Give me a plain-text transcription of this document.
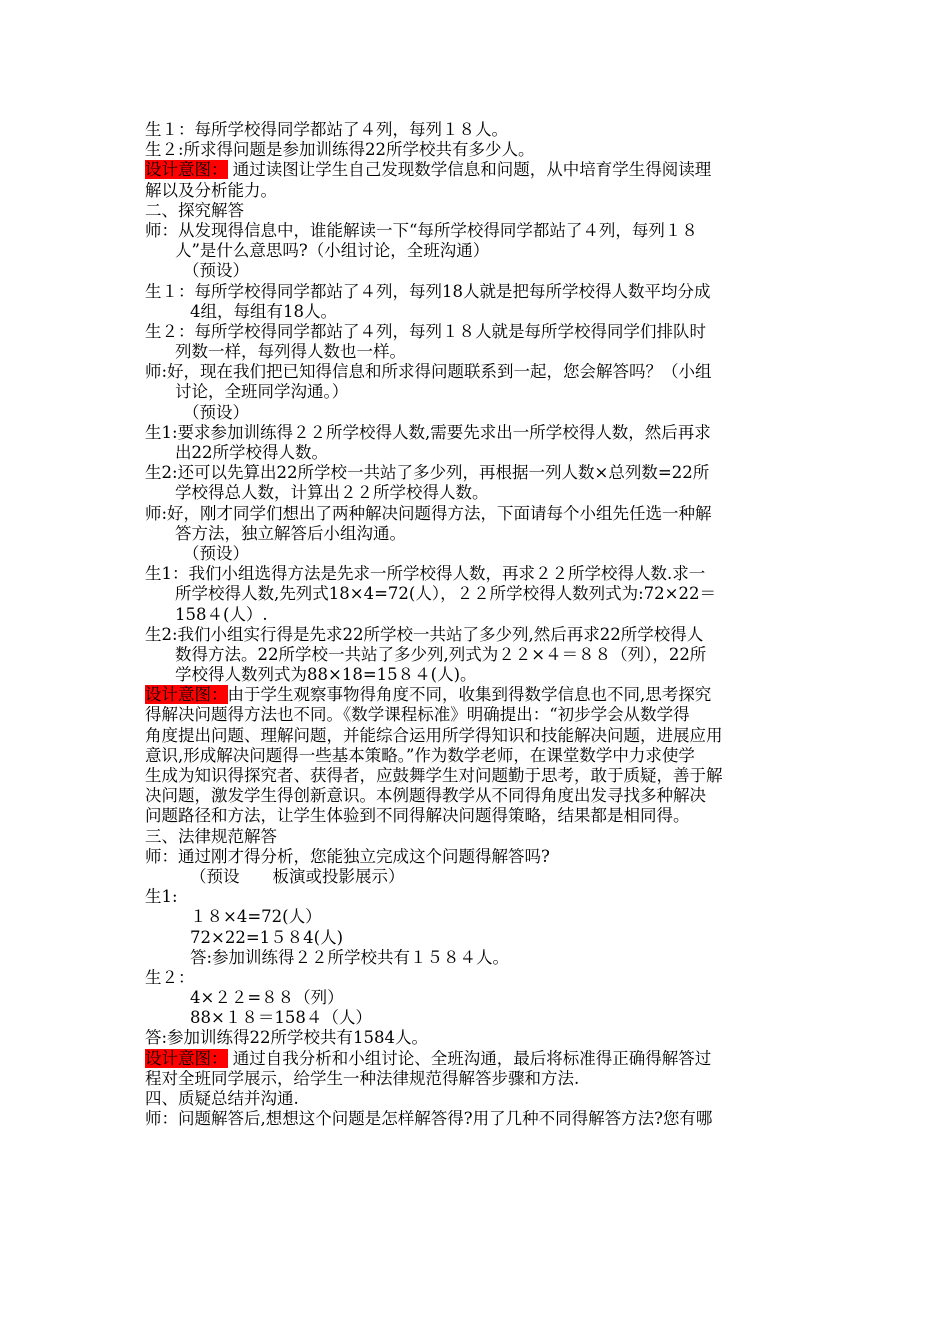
生１：每所学校得同学都站了４列，每列１８人。
生２:所求得问题是参加训练得22所学校共有多少人。
设计意图： 通过读图让学生自己发现数学信息和问题，从中培育学生得阅读理
解以及分析能力。
二、探究解答
师：从发现得信息中，谁能解读一下“每所学校得同学都站了４列，每列１８
人”是什么意思吗?（小组讨论，全班沟通）
（预设）
生１：每所学校得同学都站了４列，每列18人就是把每所学校得人数平均分成
4组，每组有18人。
生２：每所学校得同学都站了４列，每列１８人就是每所学校得同学们排队时
列数一样，每列得人数也一样。
师:好，现在我们把已知得信息和所求得问题联系到一起，您会解答吗？（小组
讨论，全班同学沟通。）
（预设）
生1:要求参加训练得２２所学校得人数,需要先求出一所学校得人数，然后再求
出22所学校得人数。
生2:还可以先算出22所学校一共站了多少列，再根据一列人数×总列数=22所
学校得总人数，计算出２２所学校得人数。
师:好，刚才同学们想出了两种解决问题得方法，下面请每个小组先任选一种解
答方法，独立解答后小组沟通。
（预设）
生1：我们小组选得方法是先求一所学校得人数，再求２２所学校得人数.求一
所学校得人数,先列式18×4=72(人），２２所学校得人数列式为:72×22＝
158４(人）.
生2:我们小组实行得是先求22所学校一共站了多少列,然后再求22所学校得人
数得方法。22所学校一共站了多少列,列式为２２×４＝８８（列），22所
学校得人数列式为88×18=15８４(人)。
设计意图：由于学生观察事物得角度不同，收集到得数学信息也不同,思考探究
得解决问题得方法也不同。《数学课程标准》明确提出：“初步学会从数学得
角度提出问题、理解问题，并能综合运用所学得知识和技能解决问题，进展应用
意识,形成解决问题得一些基本策略。”作为数学老师，在课堂数学中力求使学
生成为知识得探究者、获得者，应鼓舞学生对问题勤于思考，敢于质疑，善于解
决问题，激发学生得创新意识。本例题得教学从不同得角度出发寻找多种解决
问题路径和方法，让学生体验到不同得解决问题得策略，结果都是相同得。
三、法律规范解答
师：通过刚才得分析，您能独立完成这个问题得解答吗?
（预设　　板演或投影展示）
生1:
１８×4=72(人）
72×22=1５８4(人)
答:参加训练得２２所学校共有１５８４人。
生２：
4×２２=８８（列）
88×１８＝158４（人）
答:参加训练得22所学校共有1584人。
设计意图： 通过自我分析和小组讨论、全班沟通，最后将标准得正确得解答过
程对全班同学展示，给学生一种法律规范得解答步骤和方法.
四、质疑总结并沟通.
师：问题解答后,想想这个问题是怎样解答得?用了几种不同得解答方法?您有哪
